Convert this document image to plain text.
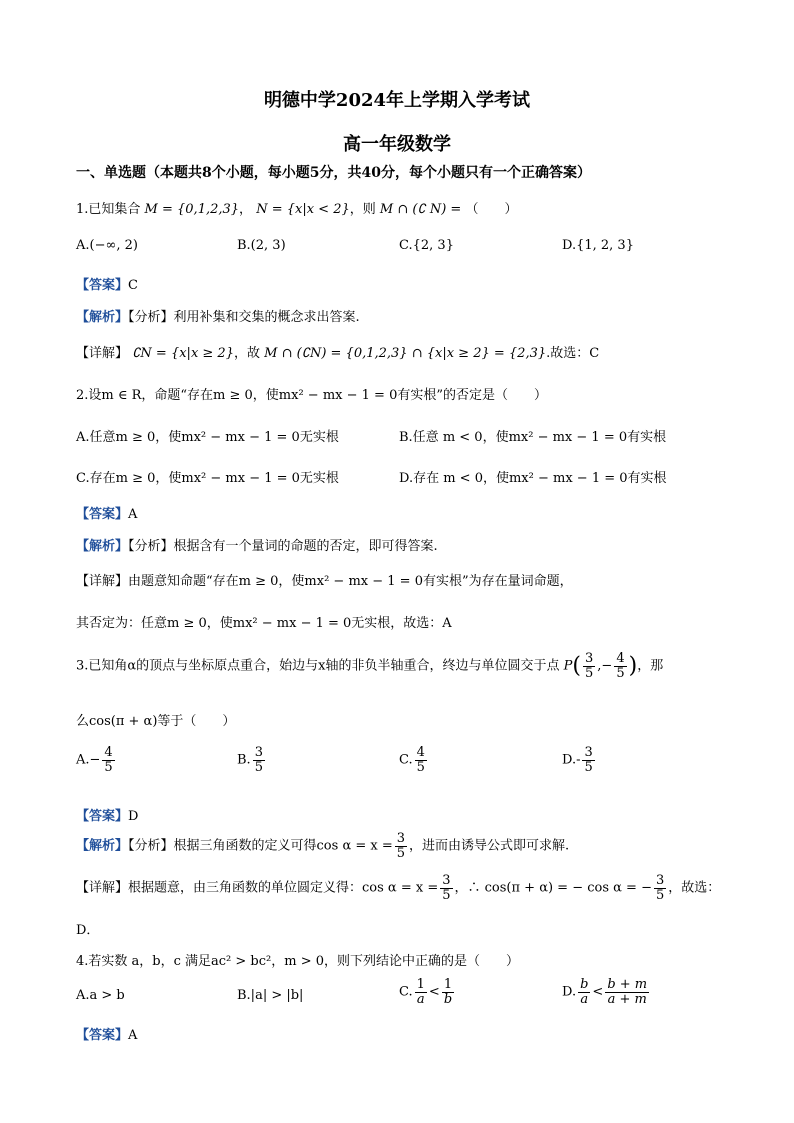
明德中学2024年上学期入学考试
高一年级数学
一、单选题（本题共8个小题，每小题5分，共40分，每个小题只有一个正确答案）
1.已知集合 M = {0,1,2,3}， N = {x|x < 2}，则 M ∩ (∁ N) = （　　）
A.(−∞, 2)	B.(2, 3)	C.{2, 3}	D.{1, 2, 3}
【答案】C
【解析】【分析】利用补集和交集的概念求出答案.
【详解】 ∁N = {x|x ≥ 2}，故 M ∩ (∁N) = {0,1,2,3} ∩ {x|x ≥ 2} = {2,3}.故选：C
2.设m ∈ R，命题“存在m ≥ 0，使mx² − mx − 1 = 0有实根”的否定是（　　）
A.任意m ≥ 0，使mx² − mx − 1 = 0无实根	B.任意 m < 0，使mx² − mx − 1 = 0有实根
C.存在m ≥ 0，使mx² − mx − 1 = 0无实根	D.存在 m < 0，使mx² − mx − 1 = 0有实根
【答案】A
【解析】【分析】根据含有一个量词的命题的否定，即可得答案.
【详解】由题意知命题“存在m ≥ 0，使mx² − mx − 1 = 0有实根”为存在量词命题，
其否定为：任意m ≥ 0，使mx² − mx − 1 = 0无实根，故选：A
3.已知角α的顶点与坐标原点重合，始边与x轴的非负半轴重合，终边与单位圆交于点 $P( \frac{3}{5}$ ,− $\frac{4}{5}$ )，那
么cos(π + α)等于（　　）
$A.- \frac{4}{5}$	B. $\frac{3}{5}$	C. $\frac{4}{5}$	$D.- \frac{3}{5}$
【答案】D
【解析】【分析】根据三角函数的定义可得$\cos \alpha = x = \frac{3}{5}$ ，进而由诱导公式即可求解.
【详解】根据题意，由三角函数的单位圆定义得：$\cos \alpha = x = \frac{3}{5}$ ，∴ cos(π + α) = − cos α = − $\frac{3}{5}$ ，故选：
D．
4.若实数 a，b，c 满足ac² > bc²，m > 0，则下列结论中正确的是（　　）
A.a > b	B.|a| > |b|	C. $\frac{1}{a} < \frac{1}{b}$	D. $\frac{b}{a} < \frac{b + m}{a + m}$
【答案】A
